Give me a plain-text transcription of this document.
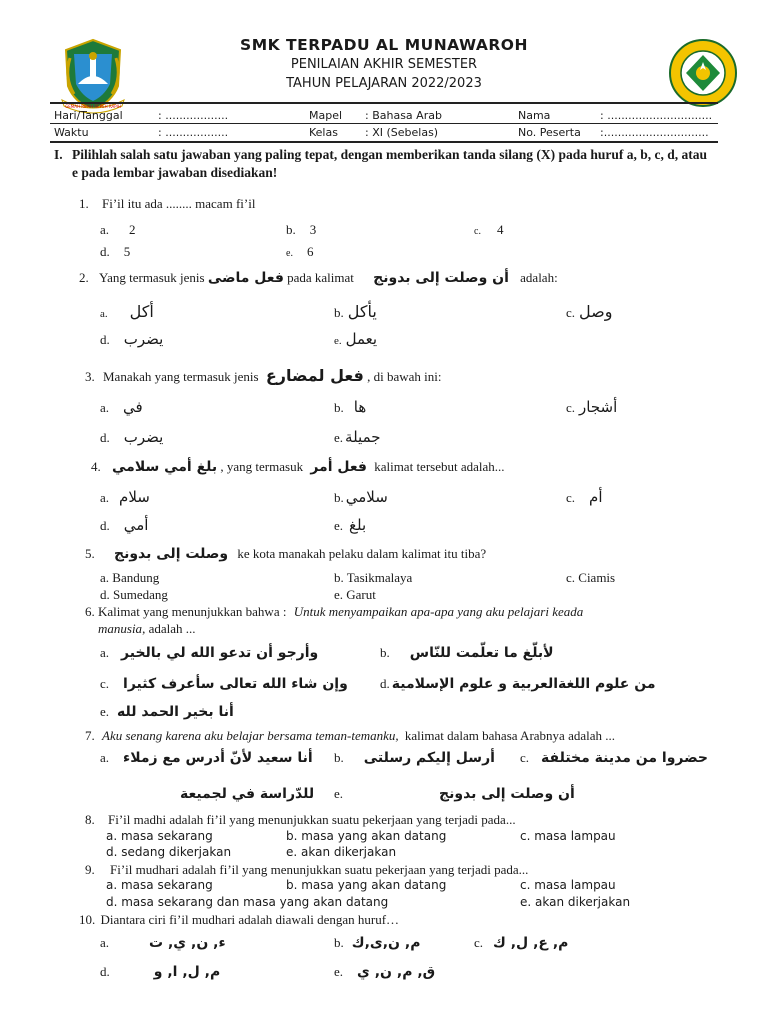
GEMAH RIPAH REPEH RAPIH
SMK TERPADU AL MUNAWAROH
PENILAIAN AKHIR SEMESTER
TAHUN PELAJARAN 2022/2023
Hari/Tanggal	: ..................	Mapel : Bahasa Arab	Nama	: ..............................
Waktu	: ..................	Kelas : XI (Sebelas)	No. Peserta :..............................
I. Pilihlah salah satu jawaban yang paling tepat, dengan memberikan tanda silang (X) pada huruf a, b, c, d, atau e pada lembar jawaban disediakan!
1. Fi’il itu ada ........ macam fi’il
a. 2	b. 3	c. 4
d. 5	e. 6
2. Yang termasuk jenis فعل ماضى pada kalimat أن وصلت إلى بدونج adalah:
a. أكل	b. يأكل	c. وصل
d. يضرب	e. يعمل
3. Manakah yang termasuk jenis فعل لمضارع , di bawah ini:
a. في	b. ها	c. أشجار
d. يضرب	e. جميلة
4. بلغ أمي سلامي , yang termasuk فعل أمر kalimat tersebut adalah...
a. سلام	b. سلامي	c. أم
d. أمي	e. بلغ
5. وصلت إلى بدونج ke kota manakah pelaku dalam kalimat itu tiba?
a. Bandung	b. Tasikmalaya	c. Ciamis
d. Sumedang	e. Garut
6. Kalimat yang menunjukkan bahwa : Untuk menyampaikan apa-apa yang aku pelajari keada
manusia, adalah ...
a. وأرجو أن تدعو الله لي بالخير	b. لأبلّغ ما تعلّمت للنّاس
c. وإن شاء الله تعالى سأعرف كثيرا d. من علوم اللغةالعربية و علوم الإسلامية
e. أنا بخير الحمد لله
7. Aku senang karena aku belajar bersama teman-temanku, kalimat dalam bahasa Arabnya adalah ...
a. أنا سعيد لأنّ أدرس مع زملاء b. أرسل إليكم رسلتى c. حضروا من مدينة مختلفة
للدّراسة في لجميعة e.	أن وصلت إلى بدونج
8. Fi’il madhi adalah fi’il yang menunjukkan suatu pekerjaan yang terjadi pada...
a. masa sekarang	b. masa yang akan datang	c. masa lampau
d. sedang dikerjakan	e. akan dikerjakan
9. Fi’il mudhari adalah fi’il yang menunjukkan suatu pekerjaan yang terjadi pada...
a. masa sekarang	b. masa yang akan datang	c. masa lampau
d. masa sekarang dan masa yang akan datang	e. akan dikerjakan
10. Diantara ciri fi’il mudhari adalah diawali dengan huruf…
a.	ء, ن, ي, ت	b. م, ن,ى,ك	c. م, ع, ل, ك
d.	م, ل, ا, و	e. ق, م, ن, ي
